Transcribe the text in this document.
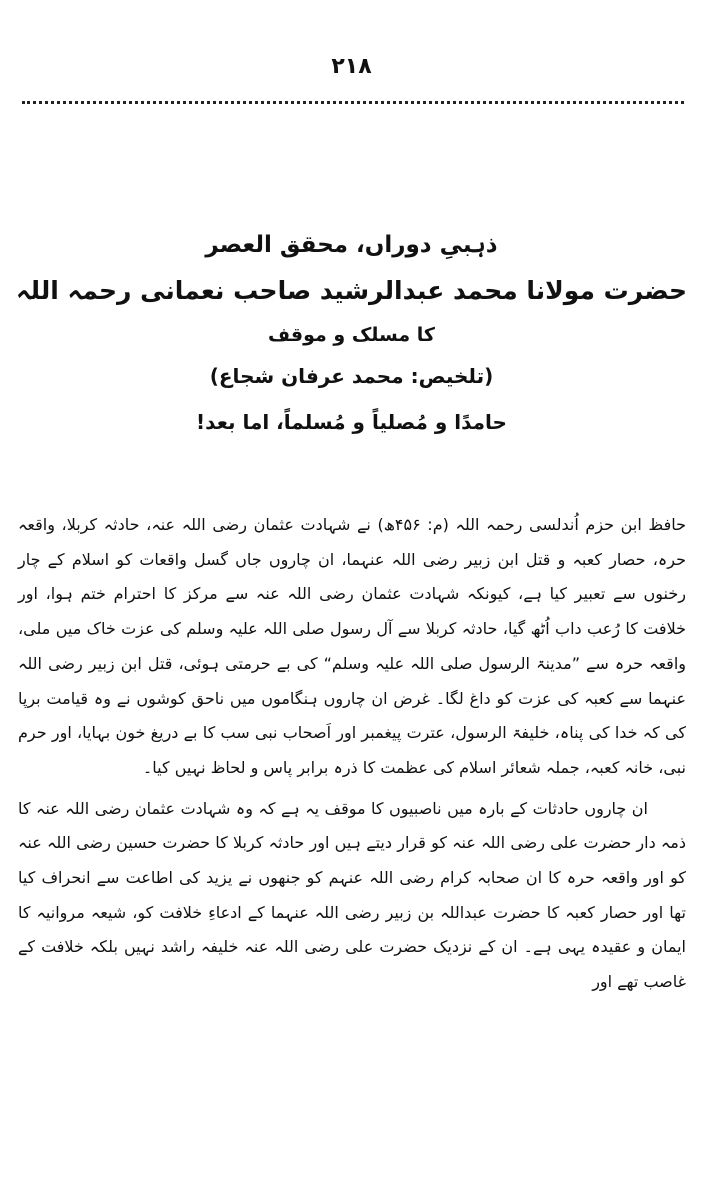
۲۱۸
ذہبیِ دوراں، محقق العصر
حضرت مولانا محمد عبدالرشید صاحب نعمانی رحمہ اللہ
کا مسلک و موقف
(تلخیص: محمد عرفان شجاع)
حامدًا و مُصلیاً و مُسلماً، اما بعد!

حافظ ابن حزم اُندلسی رحمہ اللہ (م: ۴۵۶ھ) نے شہادت عثمان رضی اللہ عنہ، حادثہ کربلا، واقعہ حرہ، حصار کعبہ و قتل ابن زبیر رضی اللہ عنہما، ان چاروں جاں گسل واقعات کو اسلام کے چار رخنوں سے تعبیر کیا ہے، کیونکہ شہادت عثمان رضی اللہ عنہ سے مرکز کا احترام ختم ہوا، اور خلافت کا رُعب داب اُٹھ گیا، حادثہ کربلا سے آل رسول صلی اللہ علیہ وسلم کی عزت خاک میں ملی، واقعہ حرہ سے ”مدینۃ الرسول صلی اللہ علیہ وسلم“ کی بے حرمتی ہوئی، قتل ابن زبیر رضی اللہ عنہما سے کعبہ کی عزت کو داغ لگا۔ غرض ان چاروں ہنگاموں میں ناحق کوشوں نے وہ قیامت برپا کی کہ خدا کی پناہ، خلیفۃ الرسول، عترت پیغمبر اور اَصحاب نبی سب کا بے دریغ خون بہایا، اور حرم نبی، خانہ کعبہ، جملہ شعائر اسلام کی عظمت کا ذرہ برابر پاس و لحاظ نہیں کیا۔

ان چاروں حادثات کے بارہ میں ناصبیوں کا موقف یہ ہے کہ وہ شہادت عثمان رضی اللہ عنہ کا ذمہ دار حضرت علی رضی اللہ عنہ کو قرار دیتے ہیں اور حادثہ کربلا کا حضرت حسین رضی اللہ عنہ کو اور واقعہ حرہ کا ان صحابہ کرام رضی اللہ عنہم کو جنھوں نے یزید کی اطاعت سے انحراف کیا تھا اور حصار کعبہ کا حضرت عبداللہ بن زبیر رضی اللہ عنہما کے ادعاءِ خلافت کو، شیعہ مروانیہ کا ایمان و عقیدہ یہی ہے۔ ان کے نزدیک حضرت علی رضی اللہ عنہ خلیفہ راشد نہیں بلکہ خلافت کے غاصب تھے اور
